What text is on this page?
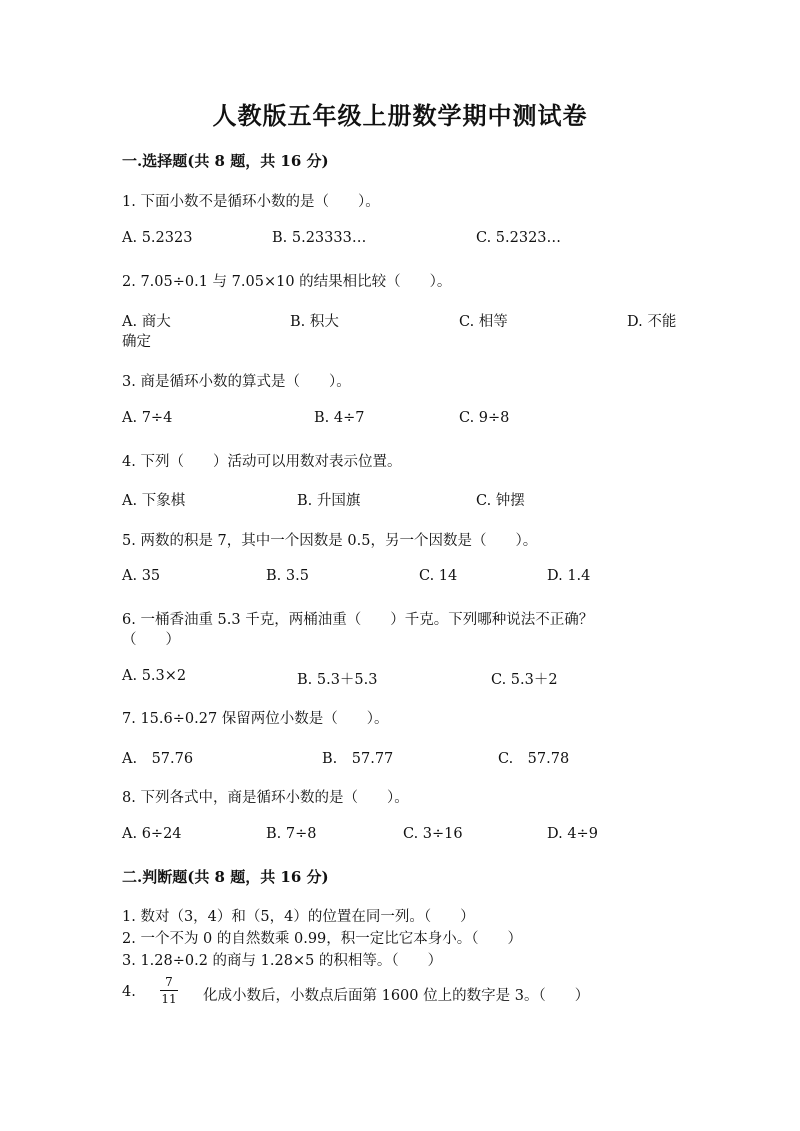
人教版五年级上册数学期中测试卷
一.选择题(共 8 题，共 16 分)
1. 下面小数不是循环小数的是（　　）。
A. 5.2323	B. 5.23333…	C. 5.2323…
2. 7.05÷0.1 与 7.05×10 的结果相比较（　　）。
A. 商大	B. 积大	C. 相等	D. 不能
确定
3. 商是循环小数的算式是（　　）。
A. 7÷4	B. 4÷7	C. 9÷8
4. 下列（　　）活动可以用数对表示位置。
A. 下象棋	B. 升国旗	C. 钟摆
5. 两数的积是 7，其中一个因数是 0.5，另一个因数是（　　）。
A. 35	B. 3.5	C. 14	D. 1.4
6. 一桶香油重 5.3 千克，两桶油重（　　）千克。下列哪种说法不正确？
（　　）
A. 5.3×2	B. 5.3＋5.3	C. 5.3＋2
7. 15.6÷0.27 保留两位小数是（　　）。
A.　57.76	B.　57.77	C.　57.78
8. 下列各式中，商是循环小数的是（　　）。
A. 6÷24	B. 7÷8	C. 3÷16	D. 4÷9
二.判断题(共 8 题，共 16 分)
1. 数对（3，4）和（5，4）的位置在同一列。（　　）
2. 一个不为 0 的自然数乘 0.99，积一定比它本身小。（　　）
3. 1.28÷0.2 的商与 1.28×5 的积相等。（　　）
4.
7
11 化成小数后，小数点后面第 1600 位上的数字是 3。（　　）
